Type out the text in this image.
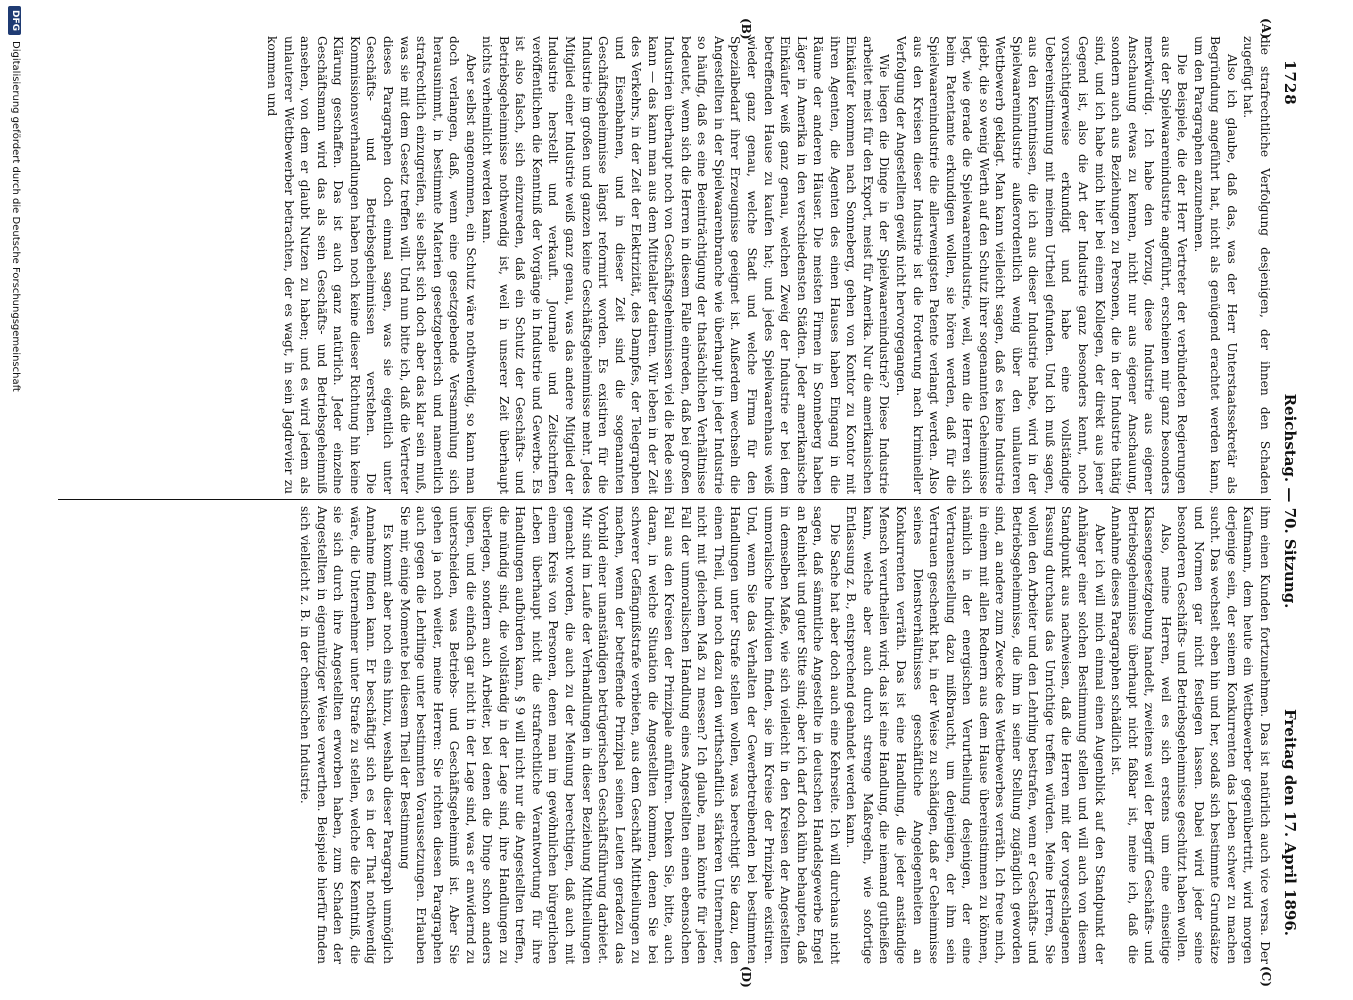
1728
Reichstag. — 70. Sitzung.
Freitag den 17. April 1896.
(A)
(B)
(C)
(D)

die strafrechtliche Verfolgung desjenigen, der ihnen den Schaden zugefügt hat.

Also ich glaube, daß das, was der Herr Unterstaatssekretär als Begründung angeführt hat, nicht als genügend erachtet werden kann, um den Paragraphen anzunehmen.

Die Beispiele, die der Herr Vertreter der verbündeten Regierungen aus der Spielwaarenindustrie angeführt, erscheinen mir ganz besonders merkwürdig. Ich habe den Vorzug, diese Industrie aus eigener Anschauung etwas zu kennen, nicht nur aus eigener Anschauung, sondern auch aus Beziehungen zu Personen, die in der Industrie thätig sind, und ich habe mich hier bei einem Kollegen, der direkt aus jener Gegend ist, also die Art der Industrie ganz besonders kennt, noch vorsichtigerweise erkundigt und habe eine vollständige Uebereinstimmung mit meinem Urtheil gefunden. Und ich muß sagen, aus den Kenntnissen, die ich aus dieser Industrie habe, wird in der Spielwaarenindustrie außerordentlich wenig über den unlauteren Wettbewerb geklagt. Man kann vielleicht sagen, daß es keine Industrie giebt, die so wenig Werth auf den Schutz ihrer sogenannten Geheimnisse legt, wie gerade die Spielwaarenindustrie, weil, wenn die Herren sich beim Patentamte erkundigen wollen, sie hören werden, daß für die Spielwaarenindustrie die allerwenigsten Patente verlangt werden. Also aus den Kreisen dieser Industrie ist die Forderung nach krimineller Verfolgung der Angestellten gewiß nicht hervorgegangen.

Wie liegen die Dinge in der Spielwaarenindustrie? Diese Industrie arbeitet meist für den Export, meist für Amerika. Nur die amerikanischen Einkäufer kommen nach Sonneberg, gehen von Kontor zu Kontor mit ihren Agenten, die Agenten des einen Hauses haben Eingang in die Räume der anderen Häuser. Die meisten Firmen in Sonneberg haben Läger in Amerika in den verschiedensten Städten. Jeder amerikanische Einkäufer weiß ganz genau, welchen Zweig der Industrie er bei dem betreffenden Hause zu kaufen hat; und jedes Spielwaarenhaus weiß wieder ganz genau, welche Stadt und welche Firma für den Spezialbedarf ihrer Erzeugnisse geeignet ist. Außerdem wechseln die Angestellten in der Spielwaarenbranche wie überhaupt in jeder Industrie so häufig, daß es eine Beeinträchtigung der thatsächlichen Verhältnisse bedeutet, wenn sich die Herren in diesem Falle einreden, daß bei großen Industrien überhaupt noch von Geschäftsgeheimnissen viel die Rede sein kann — das kann man aus dem Mittelalter datiren. Wir leben in der Zeit des Verkehrs, in der Zeit der Elektrizität, des Dampfes, der Telegraphen und Eisenbahnen, und in dieser Zeit sind die sogenannten Geschäftsgeheimnisse längst reformirt worden. Es existiren für die Industrie im großen und ganzen keine Geschäftsgeheimnisse mehr. Jedes Mitglied einer Industrie weiß ganz genau, was das andere Mitglied der Industrie herstellt und verkauft. Journale und Zeitschriften veröffentlichen die Kenntniß der Vorgänge in Industrie und Gewerbe. Es ist also falsch, sich einzureden, daß ein Schutz der Geschäfts- und Betriebsgeheimnisse nothwendig ist, weil in unserer Zeit überhaupt nichts verheimlicht werden kann.

Aber selbst angenommen, ein Schutz wäre nothwendig, so kann man doch verlangen, daß, wenn eine gesetzgebende Versammlung sich herausnimmt, in bestimmte Materien gesetzgeberisch und namentlich strafrechtlich einzugreifen, sie selbst sich doch aber das klar sein muß, was sie mit dem Gesetz treffen will. Und nun bitte ich, daß die Vertreter dieses Paragraphen doch einmal sagen, was sie eigentlich unter Geschäfts- und Betriebsgeheimnissen verstehen. Die Kommissionsverhandlungen haben noch keine dieser Richtung hin keine Klärung geschaffen. Das ist auch ganz natürlich. Jeder einzelne Geschäftsmann wird das als sein Geschäfts- und Betriebsgeheimniß ansehen, von dem er glaubt Nutzen zu haben; und es wird jedem als unlauterer Wettbewerber betrachten, der es wagt, in sein Jagdrevier zu kommen und

ihm einen Kunden fortzunehmen. Das ist natürlich auch vice versa. Der Kaufmann, dem heute ein Wettbewerber gegenübertritt, wird morgen derjenige sein, der seinem Konkurrenten das Leben schwer zu machen sucht. Das wechselt eben hin und her, sodaß sich bestimmte Grundsätze und Normen gar nicht festlegen lassen. Dabei wird jeder seine besonderen Geschäfts- und Betriebsgeheimnisse geschützt haben wollen.

Also, meine Herren, weil es sich erstens um eine einseitige Klassengesetzgebung handelt, zweitens weil der Begriff Geschäfts- und Betriebsgeheimnisse überhaupt nicht faßbar ist, meine ich, daß die Annahme dieses Paragraphen schädlich ist.

Aber ich will mich einmal einen Augenblick auf den Standpunkt der Anhänger einer solchen Bestimmung stellen und will auch von diesem Standpunkt aus nachweisen, daß die Herren mit der vorgeschlagenen Fassung durchaus das Unrichtige treffen würden. Meine Herren, Sie wollen den Arbeiter und den Lehrling bestrafen, wenn er Geschäfts- und Betriebsgeheimnisse, die ihm in seiner Stellung zugänglich geworden sind, an andere zum Zwecke des Wettbewerbes verräth. Ich freue mich, in einem mit allen Rednern aus dem Hause übereinstimmen zu können, nämlich in der energischen Verurtheilung desjenigen, der eine Vertrauensstellung dazu mißbraucht, um denjenigen, der ihm sein Vertrauen geschenkt hat, in der Weise zu schädigen, daß er Geheimnisse seines Dienstverhältnisses geschäftliche Angelegenheiten an Konkurrenten verräth. Das ist eine Handlung, die jeder anständige Mensch verurtheilen wird; das ist eine Handlung, die niemand gutheißen kann, welche aber auch durch strenge Maßregeln, wie sofortige Entlassung z. B., entsprechend geahndet werden kann.

Die Sache hat aber doch auch eine Kehrseite. Ich will durchaus nicht sagen, daß sämmtliche Angestellte in deutschen Handelsgewerbe Engel an Reinheit und guter Sitte sind; aber ich darf doch kühn behaupten, daß in demselben Maße, wie sich vielleicht in den Kreisen der Angestellten unmoralische Individuen finden, sie im Kreise der Prinzipale existiren. Und, wenn Sie das Verhalten der Gewerbetreibenden bei bestimmten Handlungen unter Strafe stellen wollen, was berechtigt Sie dazu, den einen Theil, und noch dazu den wirthschaftlich stärkeren Unternehmer, nicht mit gleichem Maß zu messen? Ich glaube, man könnte für jeden Fall der unmoralischen Handlung eines Angestellten einen ebensolchen Fall aus den Kreisen der Prinzipale anführen. Denken Sie, bitte, auch daran, in welche Situation die Angestellten kommen, denen Sie bei schwerer Gefängnißstrafe verbieten, aus dem Geschäft Mittheilungen zu machen, wenn der betreffende Prinzipal seinen Leuten geradezu das Vorbild einer unanständigen betrügerischen Geschäftsführung darbietet. Mir sind im Laufe der Verhandlungen in dieser Beziehung Mittheilungen gemacht worden, die auch zu der Meinung berechtigen, daß auch mit einem Kreis von Personen, denen man im gewöhnlichen bürgerlichen Leben überhaupt nicht die strafrechtliche Verantwortung für ihre Handlungen aufbürden kann, § 9 will nicht nur die Angestellten treffen, die mündig sind, die vollständig in der Lage sind, ihre Handlungen zu überlegen, sondern auch Arbeiter, bei denen die Dinge schon anders liegen, und die einfach gar nicht in der Lage sind, was er anwidernd zu unterscheiden, was Betriebs- und Geschäftsgeheimniß ist. Aber Sie gehen ja noch weiter, meine Herren: Sie richten diesen Paragraphen auch gegen die Lehrlinge unter bestimmten Voraussetzungen. Erlauben Sie mir, einige Momente bei diesem Theil der Bestimmung

Es kommt aber noch eins hinzu, weshalb dieser Paragraph unmöglich Annahme finden kann. Er beschäftigt sich es in der That nothwendig wäre, die Unternehmer unter Strafe zu stellen, welche die Kenntniß, die sie sich durch ihre Angestellten erworben haben, zum Schaden der Angestellten in eigennütziger Weise verwerthen. Beispiele hierfür finden sich vielleicht z. B. in der chemischen Industrie.

DFGDigitalisierung gefördert durch die Deutsche Forschungsgemeinschaft
